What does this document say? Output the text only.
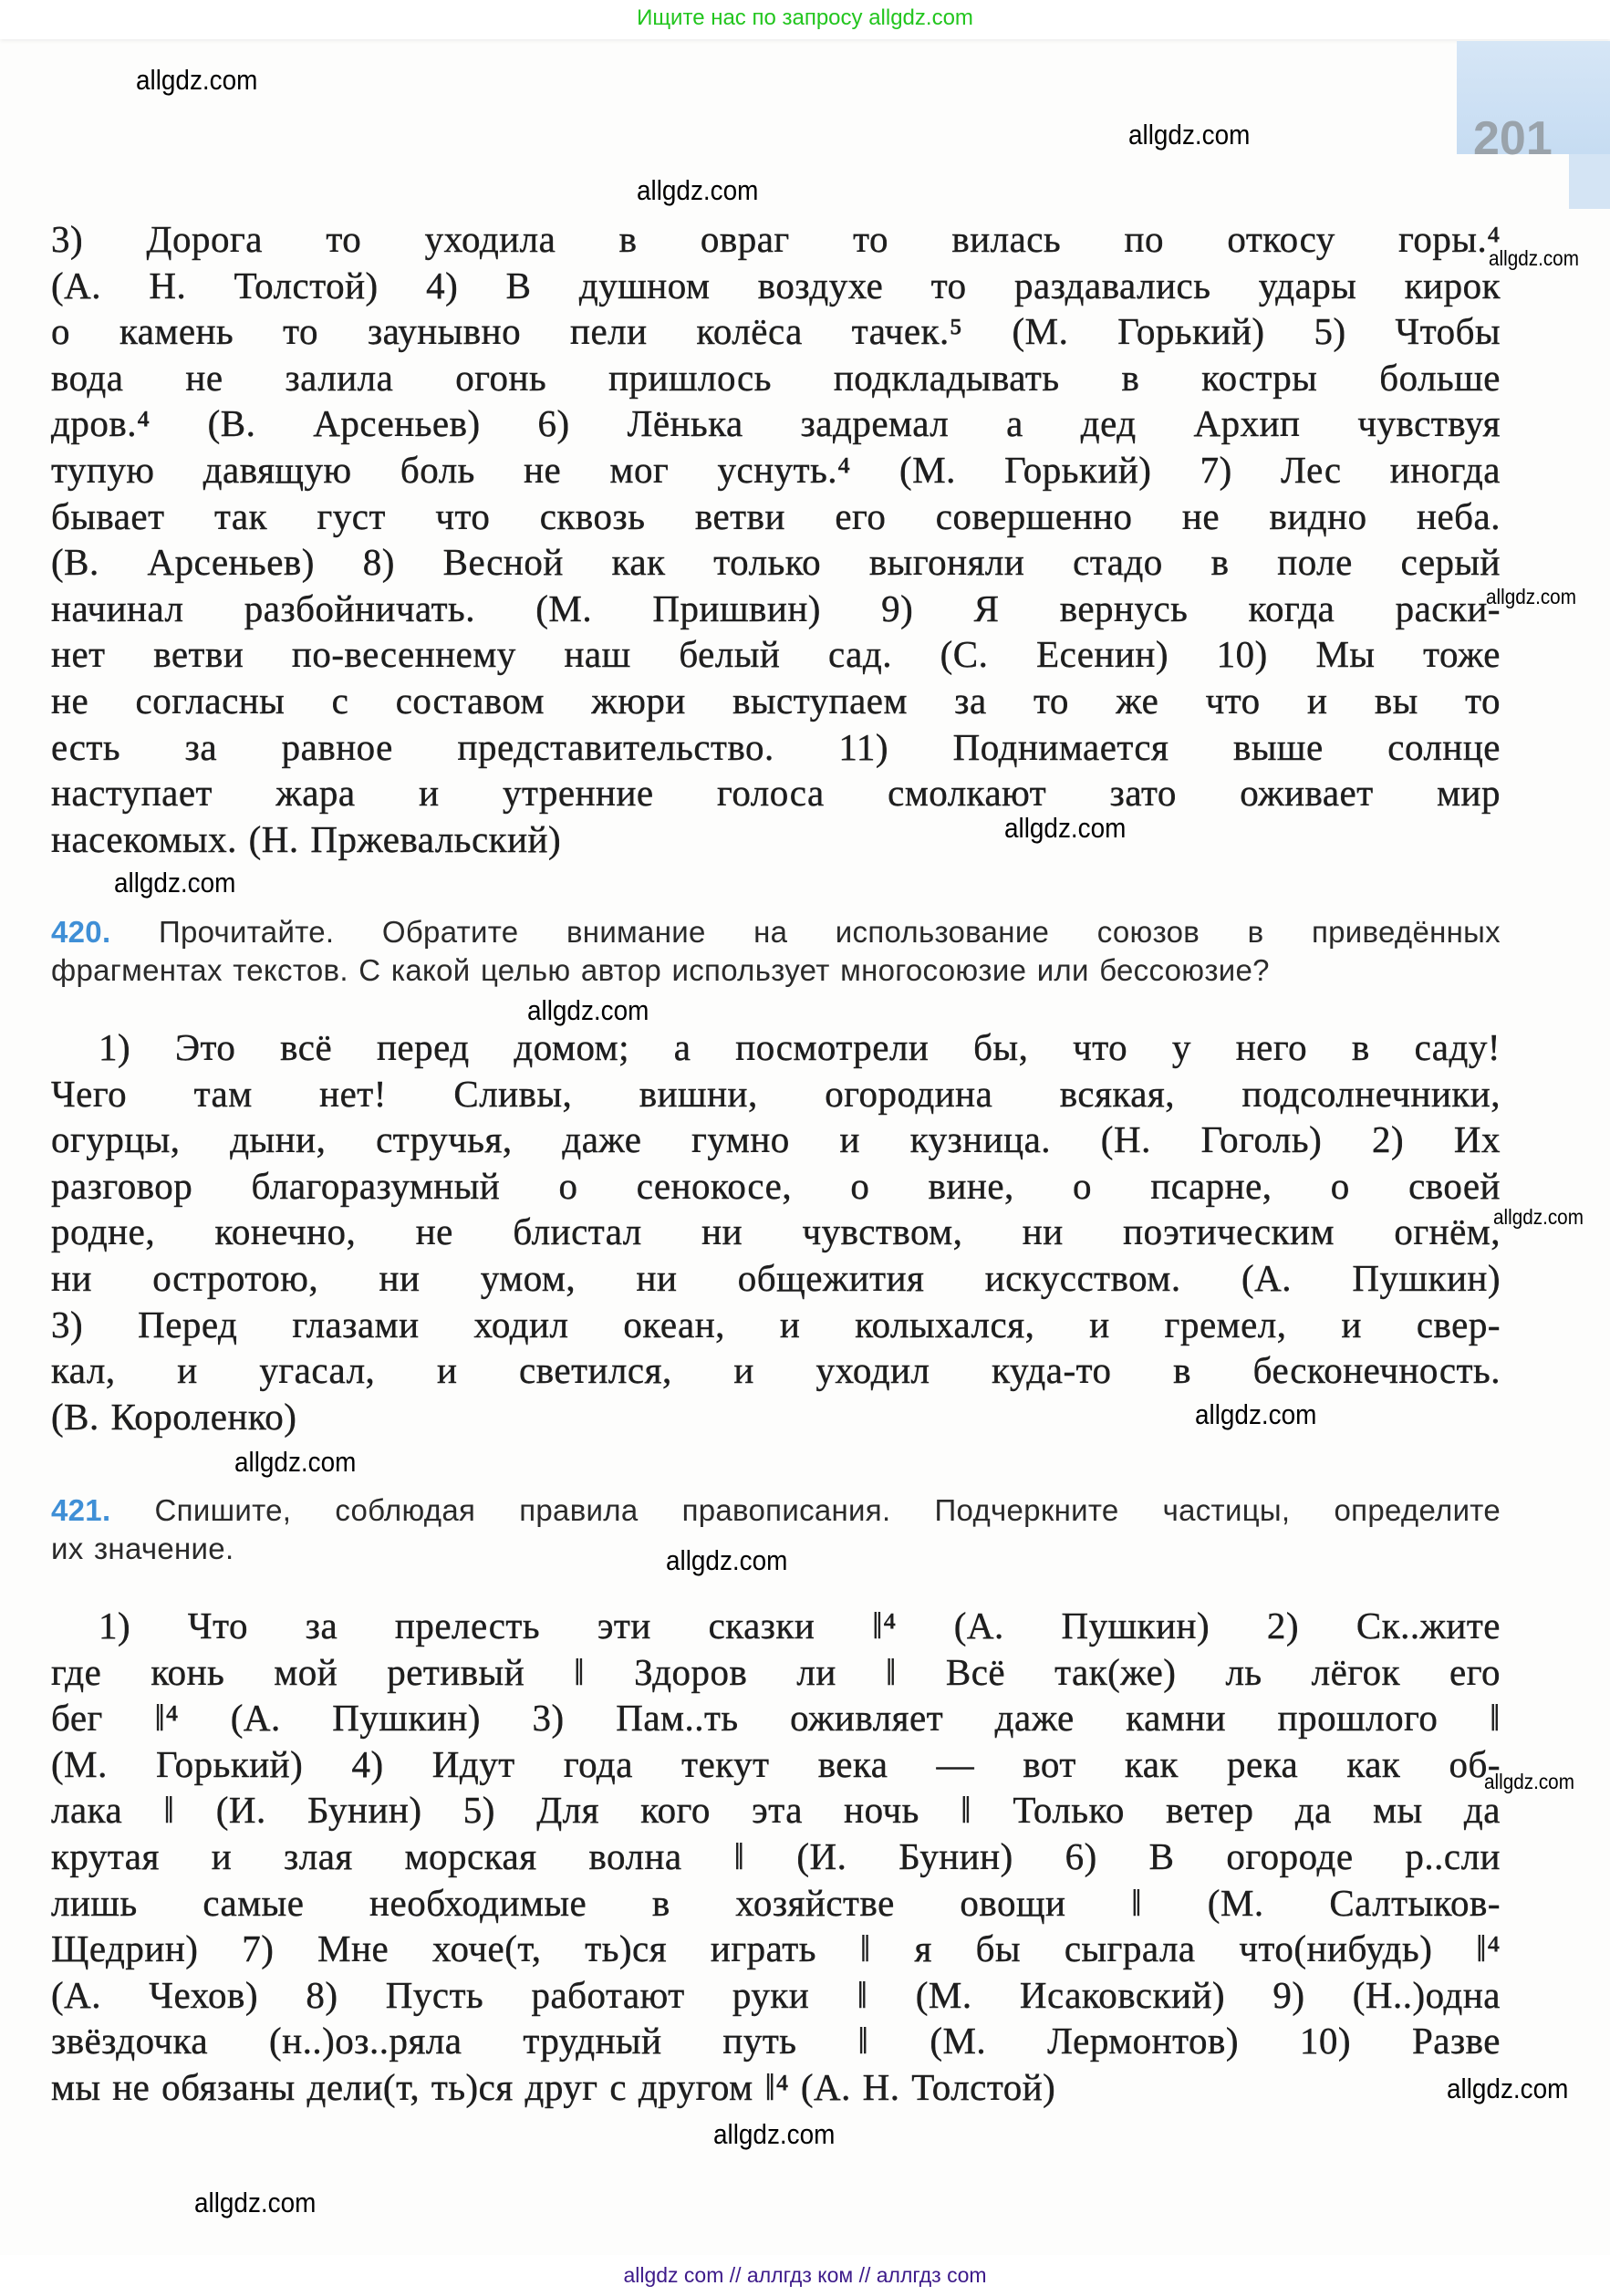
Ищите нас по запросу allgdz.com
201
3) Дорога то уходила в овраг то вилась по откосу горы.⁴
(А. Н. Толстой) 4) В душном воздухе то раздавались удары кирок
о камень то заунывно пели колёса тачек.⁵ (М. Горький) 5) Чтобы
вода не залила огонь пришлось подкладывать в костры больше
дров.⁴ (В. Арсеньев) 6) Лёнька задремал а дед Архип чувствуя
тупую давящую боль не мог уснуть.⁴ (М. Горький) 7) Лес иногда
бывает так густ что сквозь ветви его совершенно не видно неба.
(В. Арсеньев) 8) Весной как только выгоняли стадо в поле серый
начинал разбойничать. (М. Пришвин) 9) Я вернусь когда раски-
нет ветви по-весеннему наш белый сад. (С. Есенин) 10) Мы тоже
не согласны с составом жюри выступаем за то же что и вы то
есть за равное представительство. 11) Поднимается выше солнце
наступает жара и утренние голоса смолкают зато оживает мир
насекомых. (Н. Пржевальский)
420. Прочитайте. Обратите внимание на использование союзов в приведённых
фрагментах текстов. С какой целью автор использует многосоюзие или бессоюзие?
1) Это всё перед домом; а посмотрели бы, что у него в саду!
Чего там нет! Сливы, вишни, огородина всякая, подсолнечники,
огурцы, дыни, стручья, даже гумно и кузница. (Н. Гоголь) 2) Их
разговор благоразумный о сенокосе, о вине, о псарне, о своей
родне, конечно, не блистал ни чувством, ни поэтическим огнём,
ни остротою, ни умом, ни общежития искусством. (А. Пушкин)
3) Перед глазами ходил океан, и колыхался, и гремел, и свер-
кал, и угасал, и светился, и уходил куда-то в бесконечность.
(В. Короленко)
421. Спишите, соблюдая правила правописания. Подчеркните частицы, определите
их значение.
1) Что за прелесть эти сказки ‖⁴ (А. Пушкин) 2) Ск..жите
где конь мой ретивый ‖ Здоров ли ‖ Всё так(же) ль лёгок его
бег ‖⁴ (А. Пушкин) 3) Пам..ть оживляет даже камни прошлого ‖
(М. Горький) 4) Идут года текут века — вот как река как об-
лака ‖ (И. Бунин) 5) Для кого эта ночь ‖ Только ветер да мы да
крутая и злая морская волна ‖ (И. Бунин) 6) В огороде р..сли
лишь самые необходимые в хозяйстве овощи ‖ (М. Салтыков-
Щедрин) 7) Мне хоче(т, ть)ся играть ‖ я бы сыграла что(нибудь) ‖⁴
(А. Чехов) 8) Пусть работают руки ‖ (М. Исаковский) 9) (Н..)одна
звёздочка (н..)оз..ряла трудный путь ‖ (М. Лермонтов) 10) Разве
мы не обязаны дели(т, ть)ся друг с другом ‖⁴ (А. Н. Толстой)
allgdz.com
allgdz.com
allgdz.com
allgdz.com
allgdz.com
allgdz.com
allgdz.com
allgdz.com
allgdz.com
allgdz.com
allgdz.com
allgdz.com
allgdz.com
allgdz.com
allgdz.com
allgdz.com
allgdz com // аллгдз ком // аллгдз com
